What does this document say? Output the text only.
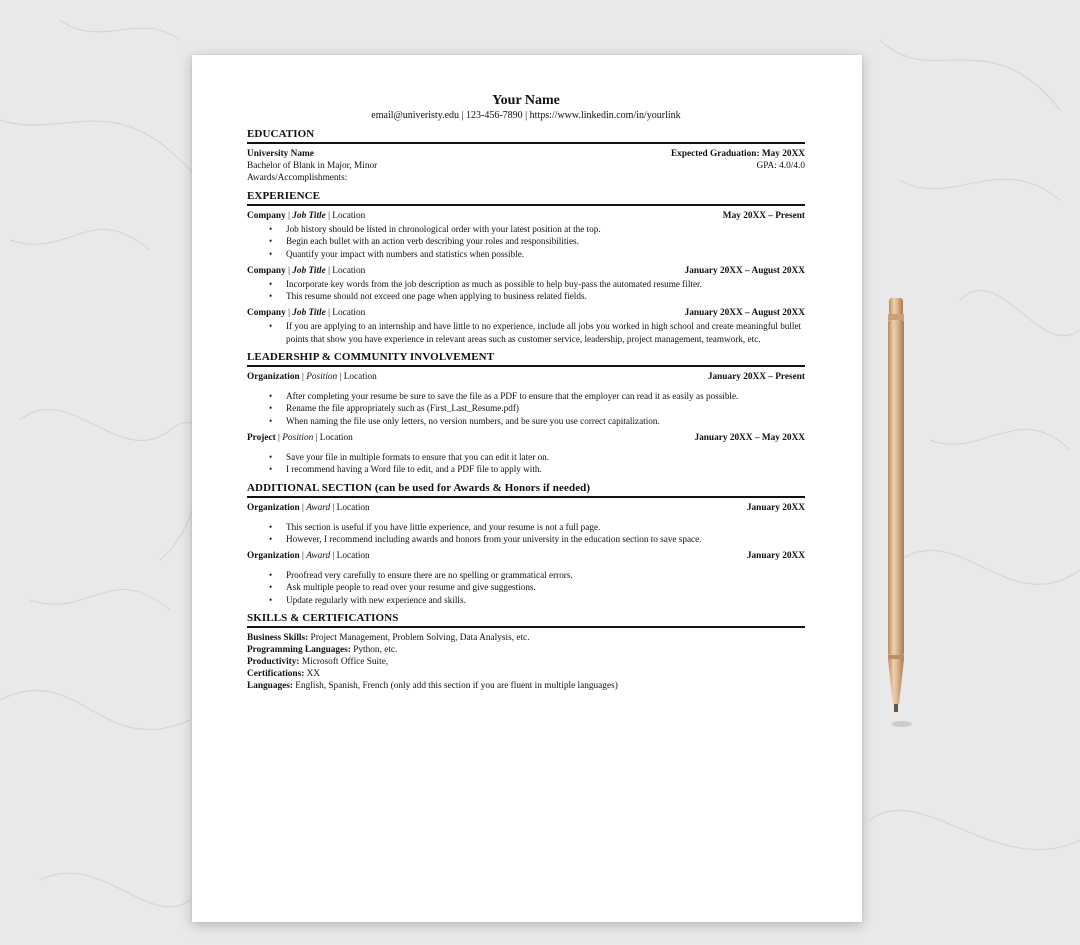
Your Name
email@univeristy.edu | 123-456-7890 | https://www.linkedin.com/in/yourlink
EDUCATION
University Name	Expected Graduation: May 20XX
Bachelor of Blank in Major, Minor	GPA: 4.0/4.0
Awards/Accomplishments:
EXPERIENCE
Company | Job Title | Location	May 20XX – Present
• Job history should be listed in chronological order with your latest position at the top.
• Begin each bullet with an action verb describing your roles and responsibilities.
• Quantify your impact with numbers and statistics when possible.
Company | Job Title | Location	January 20XX – August 20XX
• Incorporate key words from the job description as much as possible to help buy-pass the automated resume filter.
• This resume should not exceed one page when applying to business related fields.
Company | Job Title | Location	January 20XX – August 20XX
• If you are applying to an internship and have little to no experience, include all jobs you worked in high school and create meaningful bullet points that show you have experience in relevant areas such as customer service, leadership, project management, teamwork, etc.
LEADERSHIP & COMMUNITY INVOLVEMENT
Organization | Position | Location	January 20XX – Present
• After completing your resume be sure to save the file as a PDF to ensure that the employer can read it as easily as possible.
• Rename the file appropriately such as (First_Last_Resume.pdf)
• When naming the file use only letters, no version numbers, and be sure you use correct capitalization.
Project | Position | Location	January 20XX – May 20XX
• Save your file in multiple formats to ensure that you can edit it later on.
• I recommend having a Word file to edit, and a PDF file to apply with.
ADDITIONAL SECTION (can be used for Awards & Honors if needed)
Organization | Award | Location	January 20XX
• This section is useful if you have little experience, and your resume is not a full page.
• However, I recommend including awards and honors from your university in the education section to save space.
Organization | Award | Location	January 20XX
• Proofread very carefully to ensure there are no spelling or grammatical errors.
• Ask multiple people to read over your resume and give suggestions.
• Update regularly with new experience and skills.
SKILLS & CERTIFICATIONS
Business Skills: Project Management, Problem Solving, Data Analysis, etc.
Programming Languages: Python, etc.
Productivity: Microsoft Office Suite,
Certifications: XX
Languages: English, Spanish, French (only add this section if you are fluent in multiple languages)
